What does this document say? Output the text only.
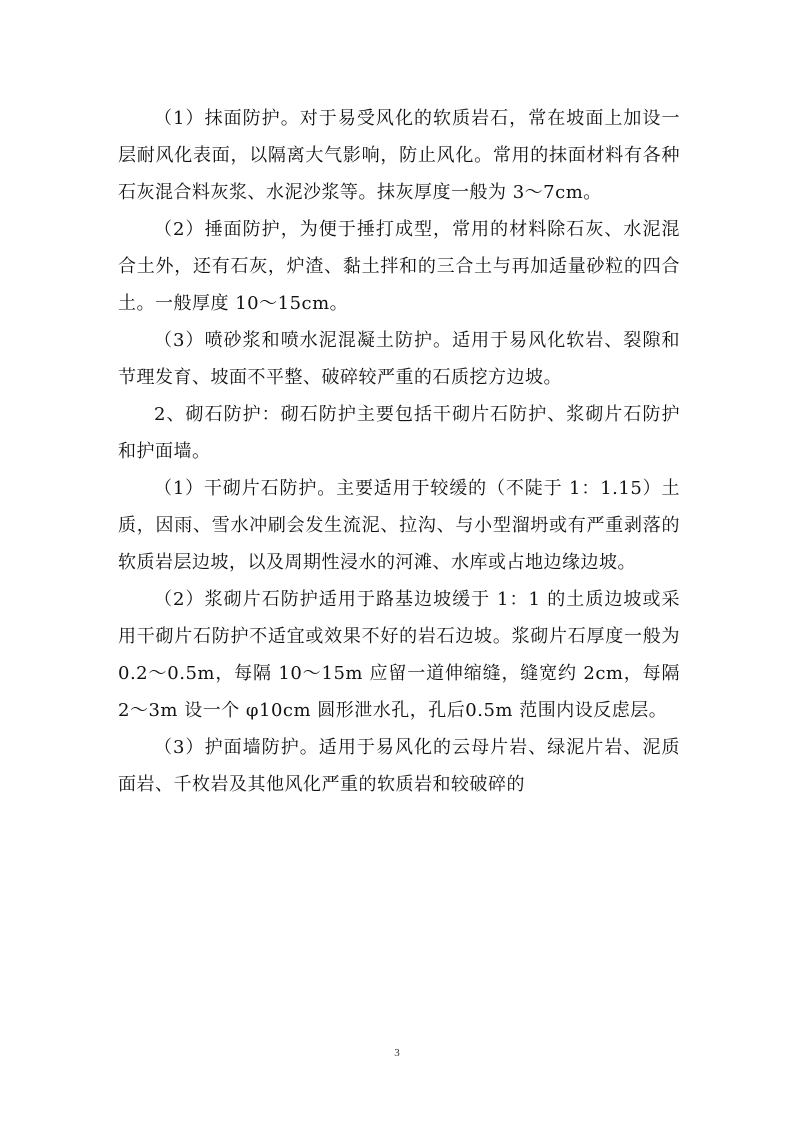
（1）抹面防护。对于易受风化的软质岩石，常在坡面上加设一层耐风化表面，以隔离大气影响，防止风化。常用的抹面材料有各种石灰混合料灰浆、水泥沙浆等。抹灰厚度一般为 3～7cm。

（2）捶面防护，为便于捶打成型，常用的材料除石灰、水泥混合土外，还有石灰，炉渣、黏土拌和的三合土与再加适量砂粒的四合土。一般厚度 10～15cm。

（3）喷砂浆和喷水泥混凝土防护。适用于易风化软岩、裂隙和节理发育、坡面不平整、破碎较严重的石质挖方边坡。

2、砌石防护：砌石防护主要包括干砌片石防护、浆砌片石防护和护面墙。

（1）干砌片石防护。主要适用于较缓的（不陡于 1：1.15）土质，因雨、雪水冲刷会发生流泥、拉沟、与小型溜坍或有严重剥落的软质岩层边坡，以及周期性浸水的河滩、水库或占地边缘边坡。

（2）浆砌片石防护适用于路基边坡缓于 1：1 的土质边坡或采用干砌片石防护不适宜或效果不好的岩石边坡。浆砌片石厚度一般为 0.2～0.5m，每隔 10～15m 应留一道伸缩缝，缝宽约 2cm，每隔 2～3m 设一个 φ10cm 圆形泄水孔，孔后0.5m 范围内设反虑层。

（3）护面墙防护。适用于易风化的云母片岩、绿泥片岩、泥质面岩、千枚岩及其他风化严重的软质岩和较破碎的

3
